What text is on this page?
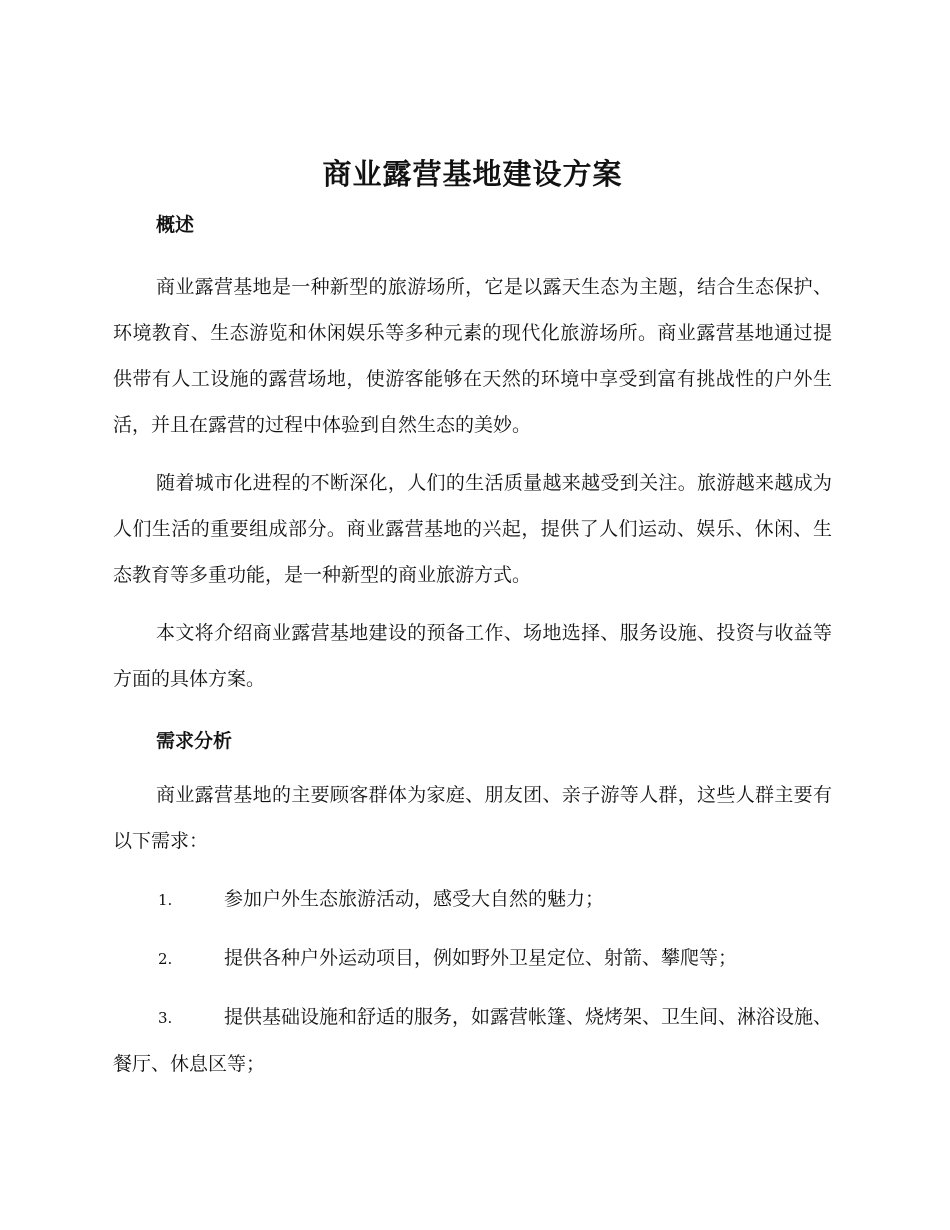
商业露营基地建设方案
概述

商业露营基地是一种新型的旅游场所，它是以露天生态为主题，结合生态保护、环境教育、生态游览和休闲娱乐等多种元素的现代化旅游场所。商业露营基地通过提供带有人工设施的露营场地，使游客能够在天然的环境中享受到富有挑战性的户外生活，并且在露营的过程中体验到自然生态的美妙。

随着城市化进程的不断深化，人们的生活质量越来越受到关注。旅游越来越成为人们生活的重要组成部分。商业露营基地的兴起，提供了人们运动、娱乐、休闲、生态教育等多重功能，是一种新型的商业旅游方式。

本文将介绍商业露营基地建设的预备工作、场地选择、服务设施、投资与收益等方面的具体方案。

需求分析

商业露营基地的主要顾客群体为家庭、朋友团、亲子游等人群，这些人群主要有以下需求：

1.	参加户外生态旅游活动，感受大自然的魅力；
2.	提供各种户外运动项目，例如野外卫星定位、射箭、攀爬等；
3.	提供基础设施和舒适的服务，如露营帐篷、烧烤架、卫生间、淋浴设施、餐厅、休息区等；
